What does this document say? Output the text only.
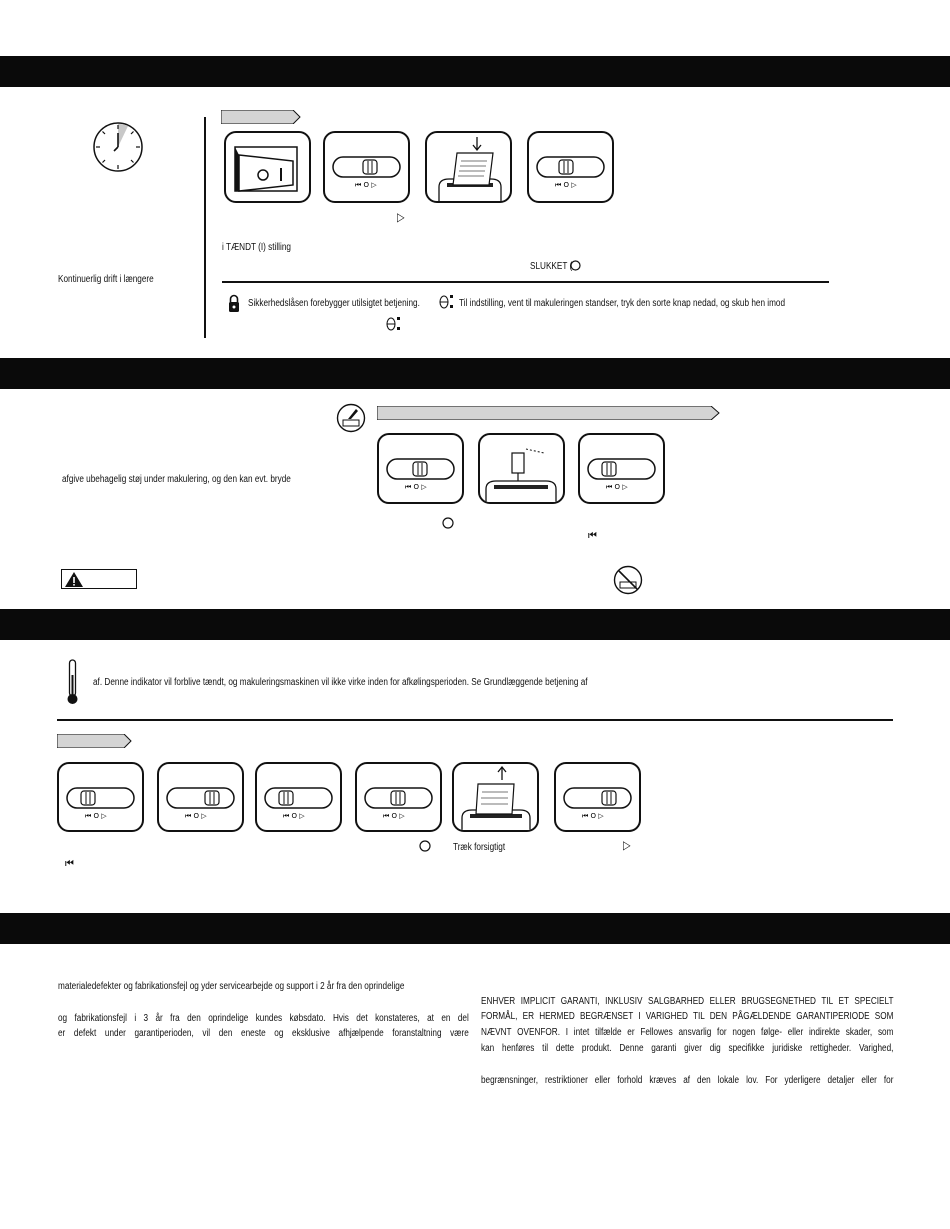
Kontinuerlig drift i længere
⏮ O ▷	⏮ O ▷
▷
i TÆNDT (I) stilling
SLUKKET (
Sikkerhedslåsen forebygger utilsigtet betjening.	Til indstilling, vent til makuleringen standser, tryk den sorte knap nedad, og skub hen imod
afgive ubehagelig støj under makulering, og den kan evt. bryde
⏮ O ▷	⏮ O ▷
⏮
af. Denne indikator vil forblive tændt, og makuleringsmaskinen vil ikke virke inden for afkølingsperioden. Se Grundlæggende betjening af
⏮ O ▷	⏮ O ▷	⏮ O ▷	⏮ O ▷	⏮ O ▷
Træk forsigtigt	▷
⏮
materialedefekter og fabrikationsfejl og yder servicearbejde og support i 2 år fra den oprindelige
og fabrikationsfejl i 3 år fra den oprindelige kundes købsdato. Hvis det konstateres, at en del
er defekt under garantiperioden, vil den eneste og eksklusive afhjælpende foranstaltning være
ENHVER IMPLICIT GARANTI, INKLUSIV SALGBARHED ELLER BRUGSEGNETHED TIL ET SPECIELT
FORMÅL, ER HERMED BEGRÆNSET I VARIGHED TIL DEN PÅGÆLDENDE GARANTIPERIODE SOM
NÆVNT OVENFOR. I intet tilfælde er Fellowes ansvarlig for nogen følge- eller indirekte skader, som
kan henføres til dette produkt. Denne garanti giver dig specifikke juridiske rettigheder. Varighed,
begrænsninger, restriktioner eller forhold kræves af den lokale lov. For yderligere detaljer eller for
